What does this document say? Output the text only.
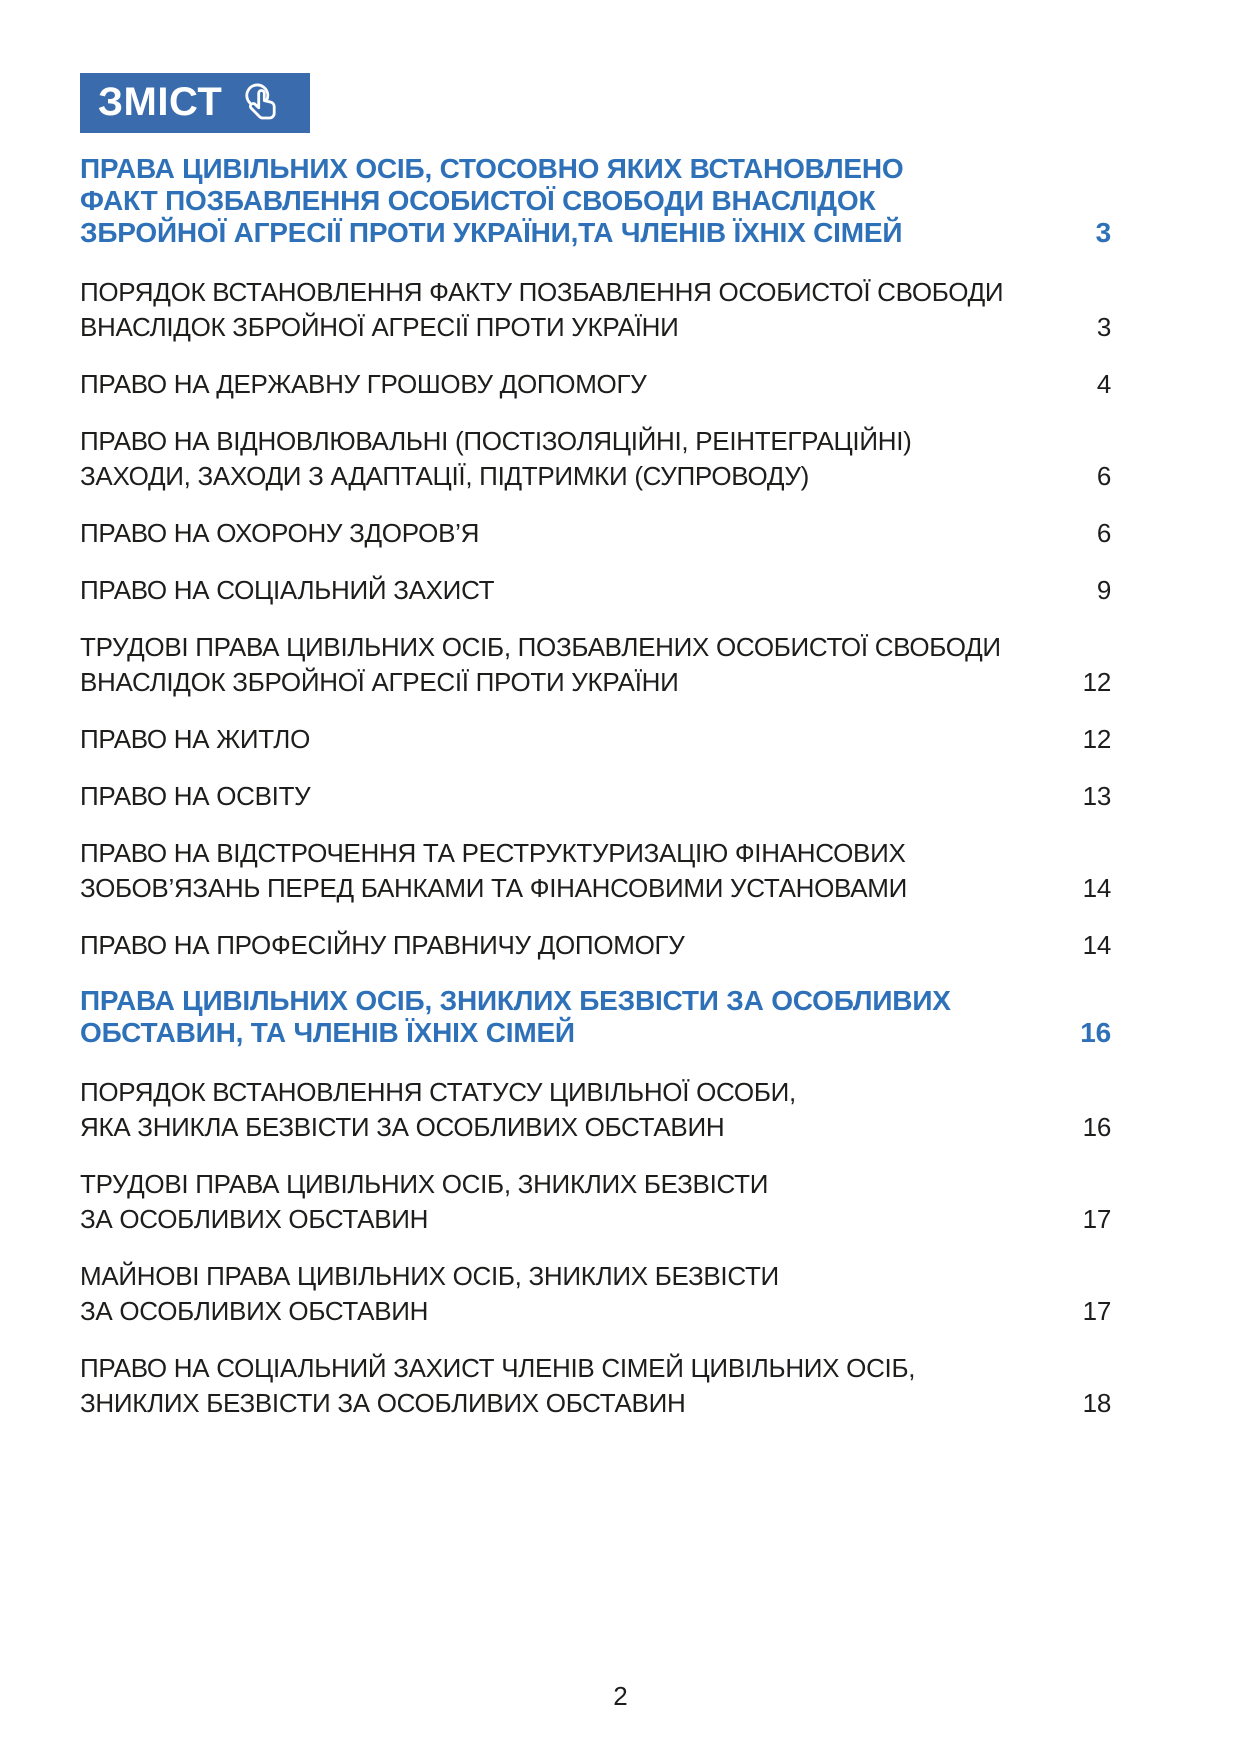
ЗМІСТ
ПРАВА ЦИВІЛЬНИХ ОСІБ, СТОСОВНО ЯКИХ ВСТАНОВЛЕНО
ФАКТ ПОЗБАВЛЕННЯ ОСОБИСТОЇ СВОБОДИ ВНАСЛІДОК
ЗБРОЙНОЇ АГРЕСІЇ ПРОТИ УКРАЇНИ,ТА ЧЛЕНІВ ЇХНІХ СІМЕЙ	3
ПОРЯДОК ВСТАНОВЛЕННЯ ФАКТУ ПОЗБАВЛЕННЯ ОСОБИСТОЇ СВОБОДИ
ВНАСЛІДОК ЗБРОЙНОЇ АГРЕСІЇ ПРОТИ УКРАЇНИ	3
ПРАВО НА ДЕРЖАВНУ ГРОШОВУ ДОПОМОГУ	4
ПРАВО НА ВІДНОВЛЮВАЛЬНІ (ПОСТІЗОЛЯЦІЙНІ, РЕІНТЕГРАЦІЙНІ)
ЗАХОДИ, ЗАХОДИ З АДАПТАЦІЇ, ПІДТРИМКИ (СУПРОВОДУ)	6
ПРАВО НА ОХОРОНУ ЗДОРОВ’Я	6
ПРАВО НА СОЦІАЛЬНИЙ ЗАХИСТ	9
ТРУДОВІ ПРАВА ЦИВІЛЬНИХ ОСІБ, ПОЗБАВЛЕНИХ ОСОБИСТОЇ СВОБОДИ
ВНАСЛІДОК ЗБРОЙНОЇ АГРЕСІЇ ПРОТИ УКРАЇНИ	12
ПРАВО НА ЖИТЛО	12
ПРАВО НА ОСВІТУ	13
ПРАВО НА ВІДСТРОЧЕННЯ ТА РЕСТРУКТУРИЗАЦІЮ ФІНАНСОВИХ
ЗОБОВ’ЯЗАНЬ ПЕРЕД БАНКАМИ ТА ФІНАНСОВИМИ УСТАНОВАМИ	14
ПРАВО НА ПРОФЕСІЙНУ ПРАВНИЧУ ДОПОМОГУ	14
ПРАВА ЦИВІЛЬНИХ ОСІБ, ЗНИКЛИХ БЕЗВІСТИ ЗА ОСОБЛИВИХ
ОБСТАВИН, ТА ЧЛЕНІВ ЇХНІХ СІМЕЙ	16
ПОРЯДОК ВСТАНОВЛЕННЯ СТАТУСУ ЦИВІЛЬНОЇ ОСОБИ,
ЯКА ЗНИКЛА БЕЗВІСТИ ЗА ОСОБЛИВИХ ОБСТАВИН	16
ТРУДОВІ ПРАВА ЦИВІЛЬНИХ ОСІБ, ЗНИКЛИХ БЕЗВІСТИ
ЗА ОСОБЛИВИХ ОБСТАВИН	17
МАЙНОВІ ПРАВА ЦИВІЛЬНИХ ОСІБ, ЗНИКЛИХ БЕЗВІСТИ
ЗА ОСОБЛИВИХ ОБСТАВИН	17
ПРАВО НА СОЦІАЛЬНИЙ ЗАХИСТ ЧЛЕНІВ СІМЕЙ ЦИВІЛЬНИХ ОСІБ,
ЗНИКЛИХ БЕЗВІСТИ ЗА ОСОБЛИВИХ ОБСТАВИН	18
2
